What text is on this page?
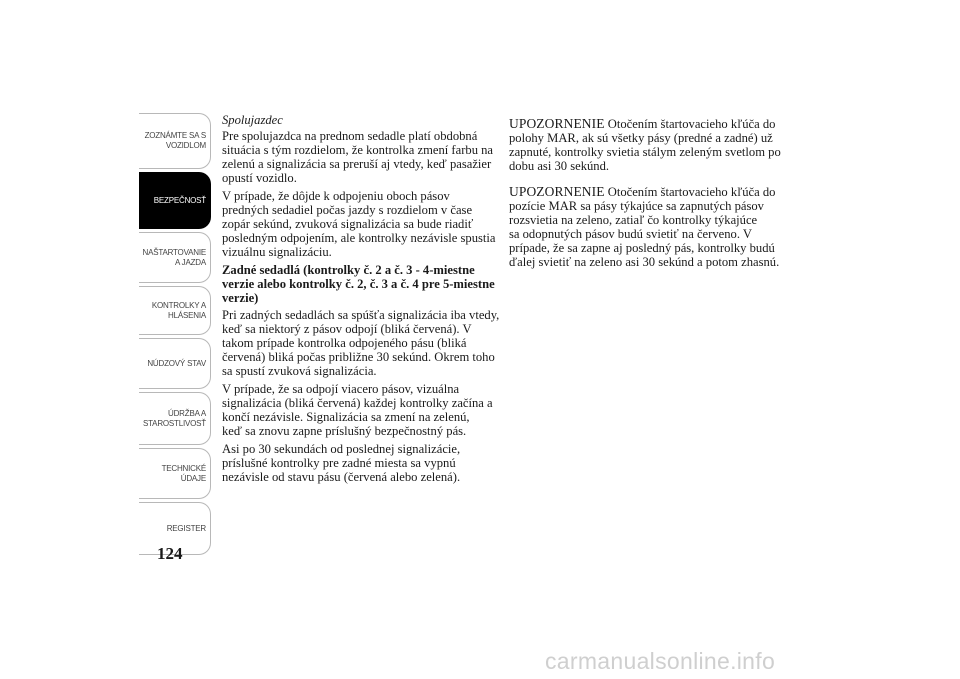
ZOZNÁMTE SA S
VOZIDLOM
BEZPEČNOSŤ
NAŠTARTOVANIE
A JAZDA
KONTROLKY A
HLÁSENIA
NÚDZOVÝ STAV
ÚDRŽBA A
STAROSTLIVOSŤ
TECHNICKÉ
ÚDAJE
REGISTER
124

Spolujazdec

Pre spolujazdca na prednom sedadle platí obdobná
situácia s tým rozdielom, že kontrolka zmení farbu na
zelenú a signalizácia sa preruší aj vtedy, keď pasažier
opustí vozidlo.

V prípade, že dôjde k odpojeniu oboch pásov
predných sedadiel počas jazdy s rozdielom v čase
zopár sekúnd, zvuková signalizácia sa bude riadiť
posledným odpojením, ale kontrolky nezávisle spustia
vizuálnu signalizáciu.

Zadné sedadlá (kontrolky č. 2 a č. 3 - 4-miestne
verzie alebo kontrolky č. 2, č. 3 a č. 4 pre 5-miestne
verzie)

Pri zadných sedadlách sa spúšťa signalizácia iba vtedy,
keď sa niektorý z pásov odpojí (bliká červená). V
takom prípade kontrolka odpojeného pásu (bliká
červená) bliká počas približne 30 sekúnd. Okrem toho
sa spustí zvuková signalizácia.

V prípade, že sa odpojí viacero pásov, vizuálna
signalizácia (bliká červená) každej kontrolky začína a
končí nezávisle. Signalizácia sa zmení na zelenú,
keď sa znovu zapne príslušný bezpečnostný pás.

Asi po 30 sekundách od poslednej signalizácie,
príslušné kontrolky pre zadné miesta sa vypnú
nezávisle od stavu pásu (červená alebo zelená).

UPOZORNENIE Otočením štartovacieho kľúča do
polohy MAR, ak sú všetky pásy (predné a zadné) už
zapnuté, kontrolky svietia stálym zeleným svetlom po
dobu asi 30 sekúnd.

UPOZORNENIE Otočením štartovacieho kľúča do
pozície MAR sa pásy týkajúce sa zapnutých pásov
rozsvietia na zeleno, zatiaľ čo kontrolky týkajúce
sa odopnutých pásov budú svietiť na červeno. V
prípade, že sa zapne aj posledný pás, kontrolky budú
ďalej svietiť na zeleno asi 30 sekúnd a potom zhasnú.

carmanualsonline.info
